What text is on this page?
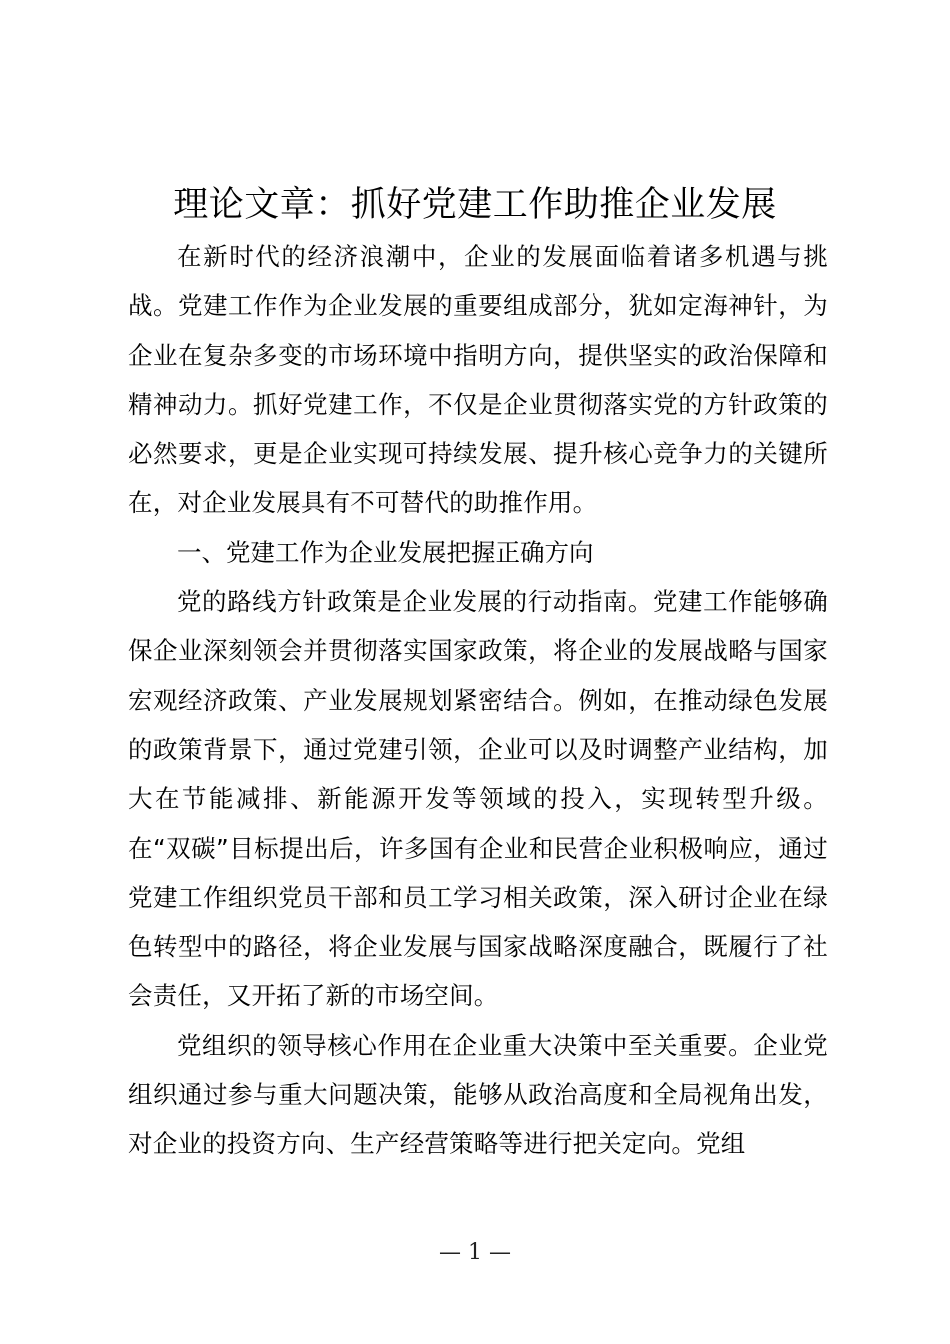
理论文章：抓好党建工作助推企业发展

在新时代的经济浪潮中，企业的发展面临着诸多机遇与挑战。党建工作作为企业发展的重要组成部分，犹如定海神针，为企业在复杂多变的市场环境中指明方向，提供坚实的政治保障和精神动力。抓好党建工作，不仅是企业贯彻落实党的方针政策的必然要求，更是企业实现可持续发展、提升核心竞争力的关键所在，对企业发展具有不可替代的助推作用。

一、党建工作为企业发展把握正确方向

党的路线方针政策是企业发展的行动指南。党建工作能够确保企业深刻领会并贯彻落实国家政策，将企业的发展战略与国家宏观经济政策、产业发展规划紧密结合。例如，在推动绿色发展的政策背景下，通过党建引领，企业可以及时调整产业结构，加大在节能减排、新能源开发等领域的投入，实现转型升级。在“双碳”目标提出后，许多国有企业和民营企业积极响应，通过党建工作组织党员干部和员工学习相关政策，深入研讨企业在绿色转型中的路径，将企业发展与国家战略深度融合，既履行了社会责任，又开拓了新的市场空间。

党组织的领导核心作用在企业重大决策中至关重要。企业党组织通过参与重大问题决策，能够从政治高度和全局视角出发，对企业的投资方向、生产经营策略等进行把关定向。党组

— 1 —
